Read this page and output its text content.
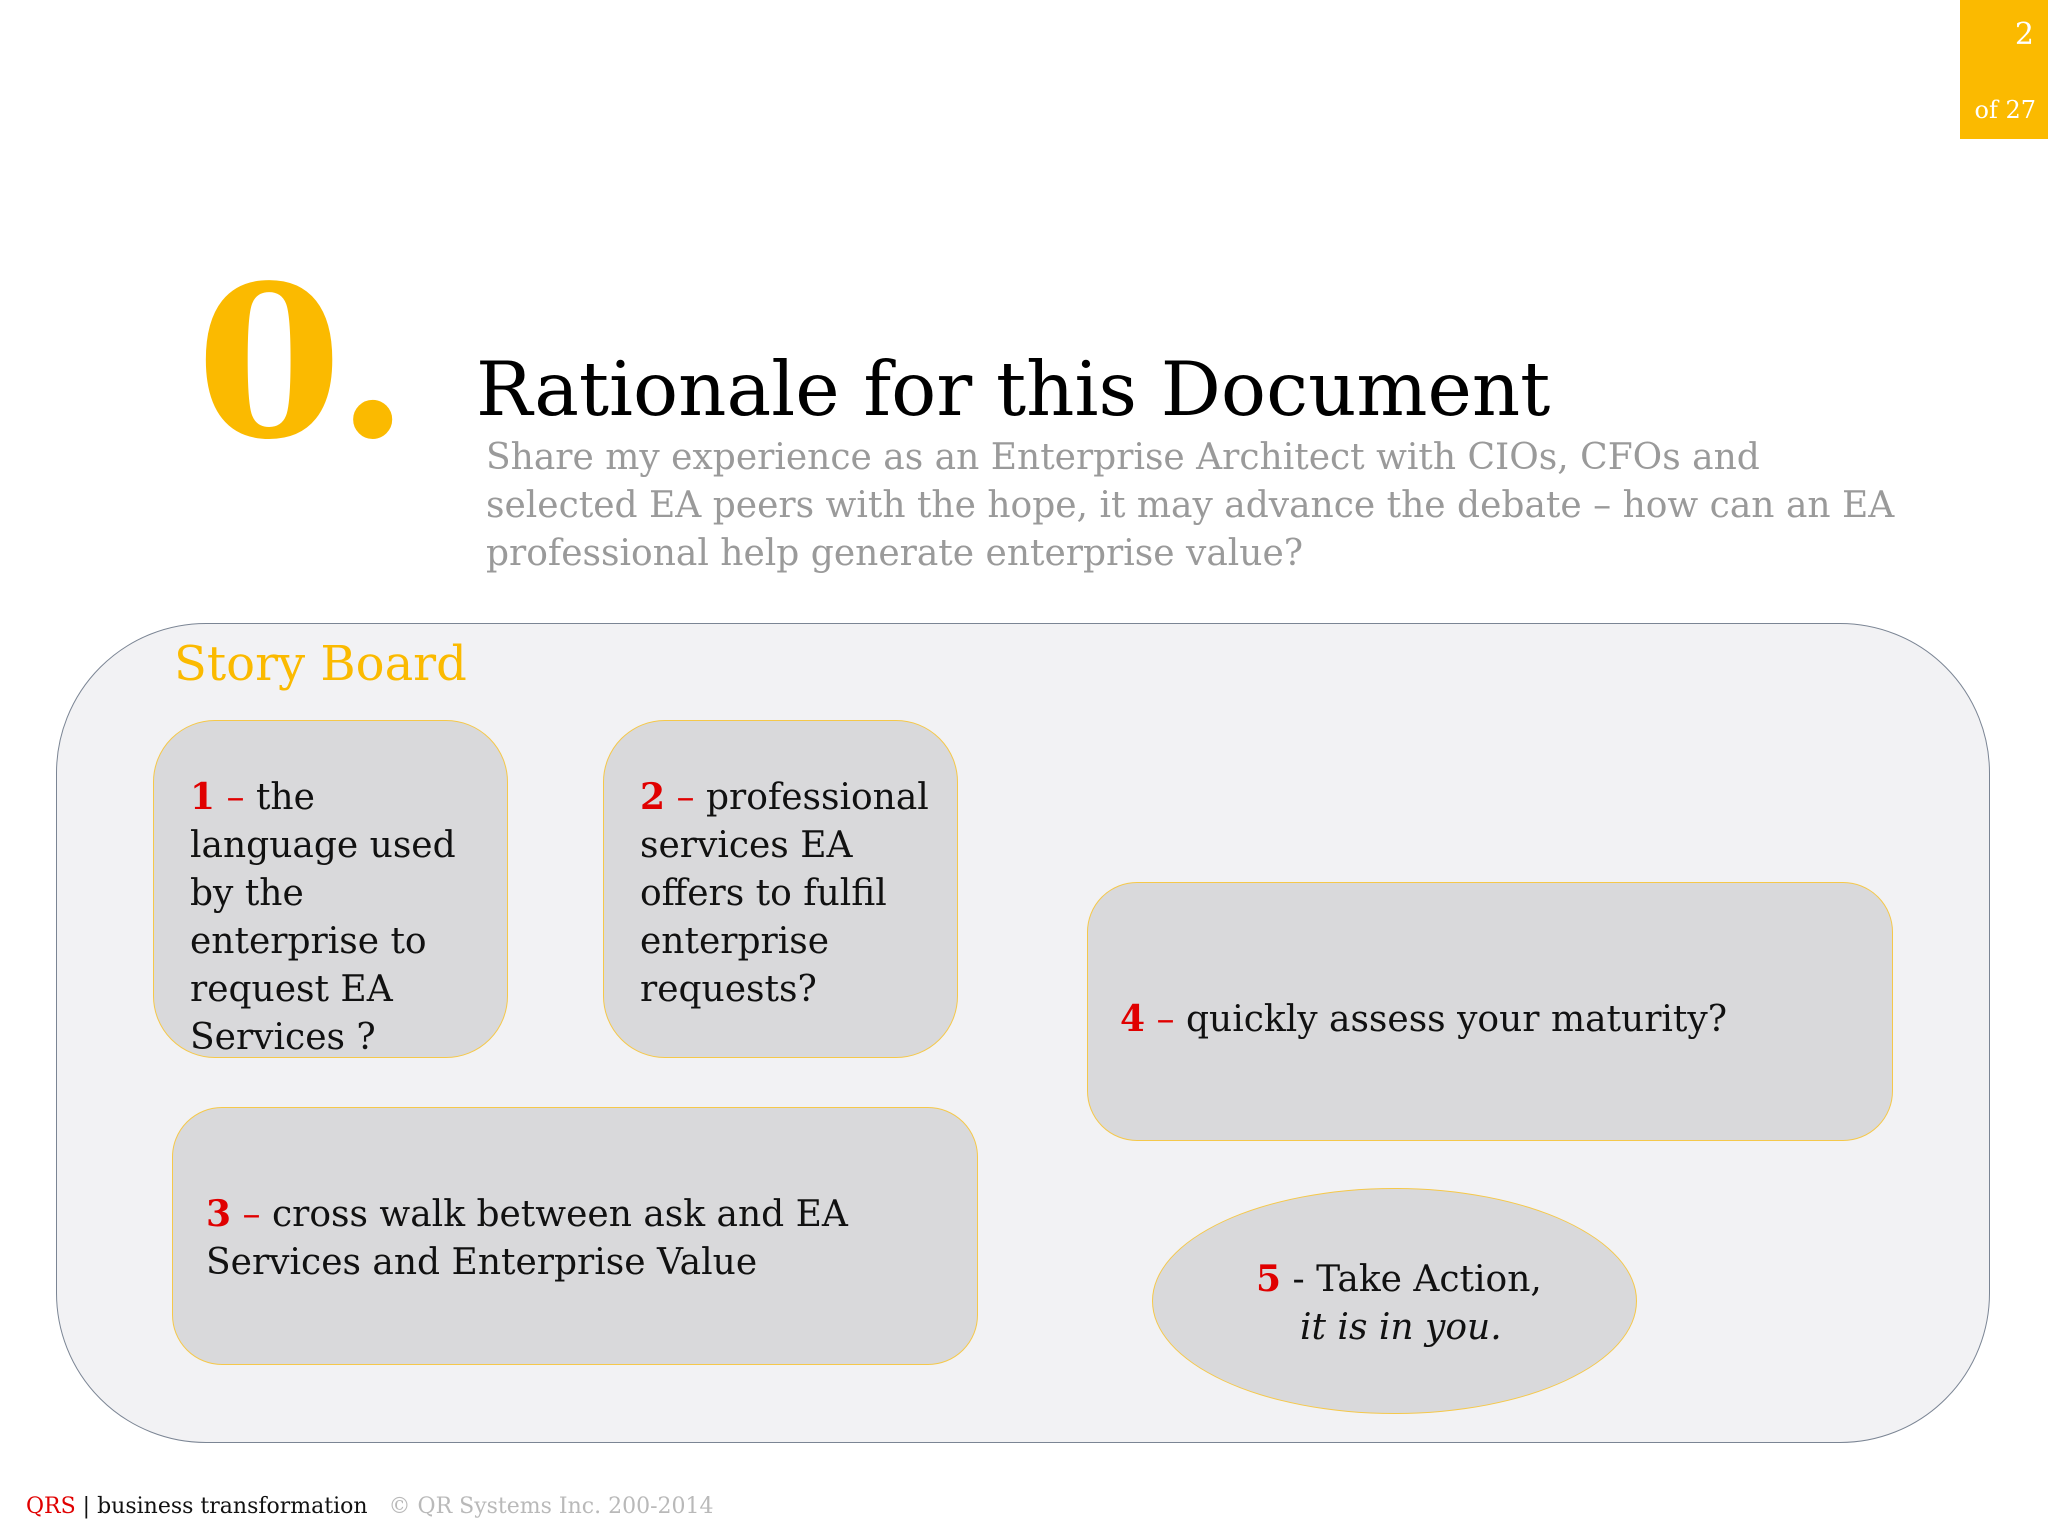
2
of 27
0. Rationale for this Document
Share my experience as an Enterprise Architect with CIOs, CFOs and selected EA peers with the hope, it may advance the debate – how can an EA professional help generate enterprise value?
Story Board
1 – the language used by the enterprise to request EA Services ?
2 – professional services EA offers to fulfil enterprise requests?
3 – cross walk between ask and EA Services and Enterprise Value
4 – quickly assess your maturity?
5 - Take Action,
it is in you.
QRS | business transformation © QR Systems Inc. 200-2014
